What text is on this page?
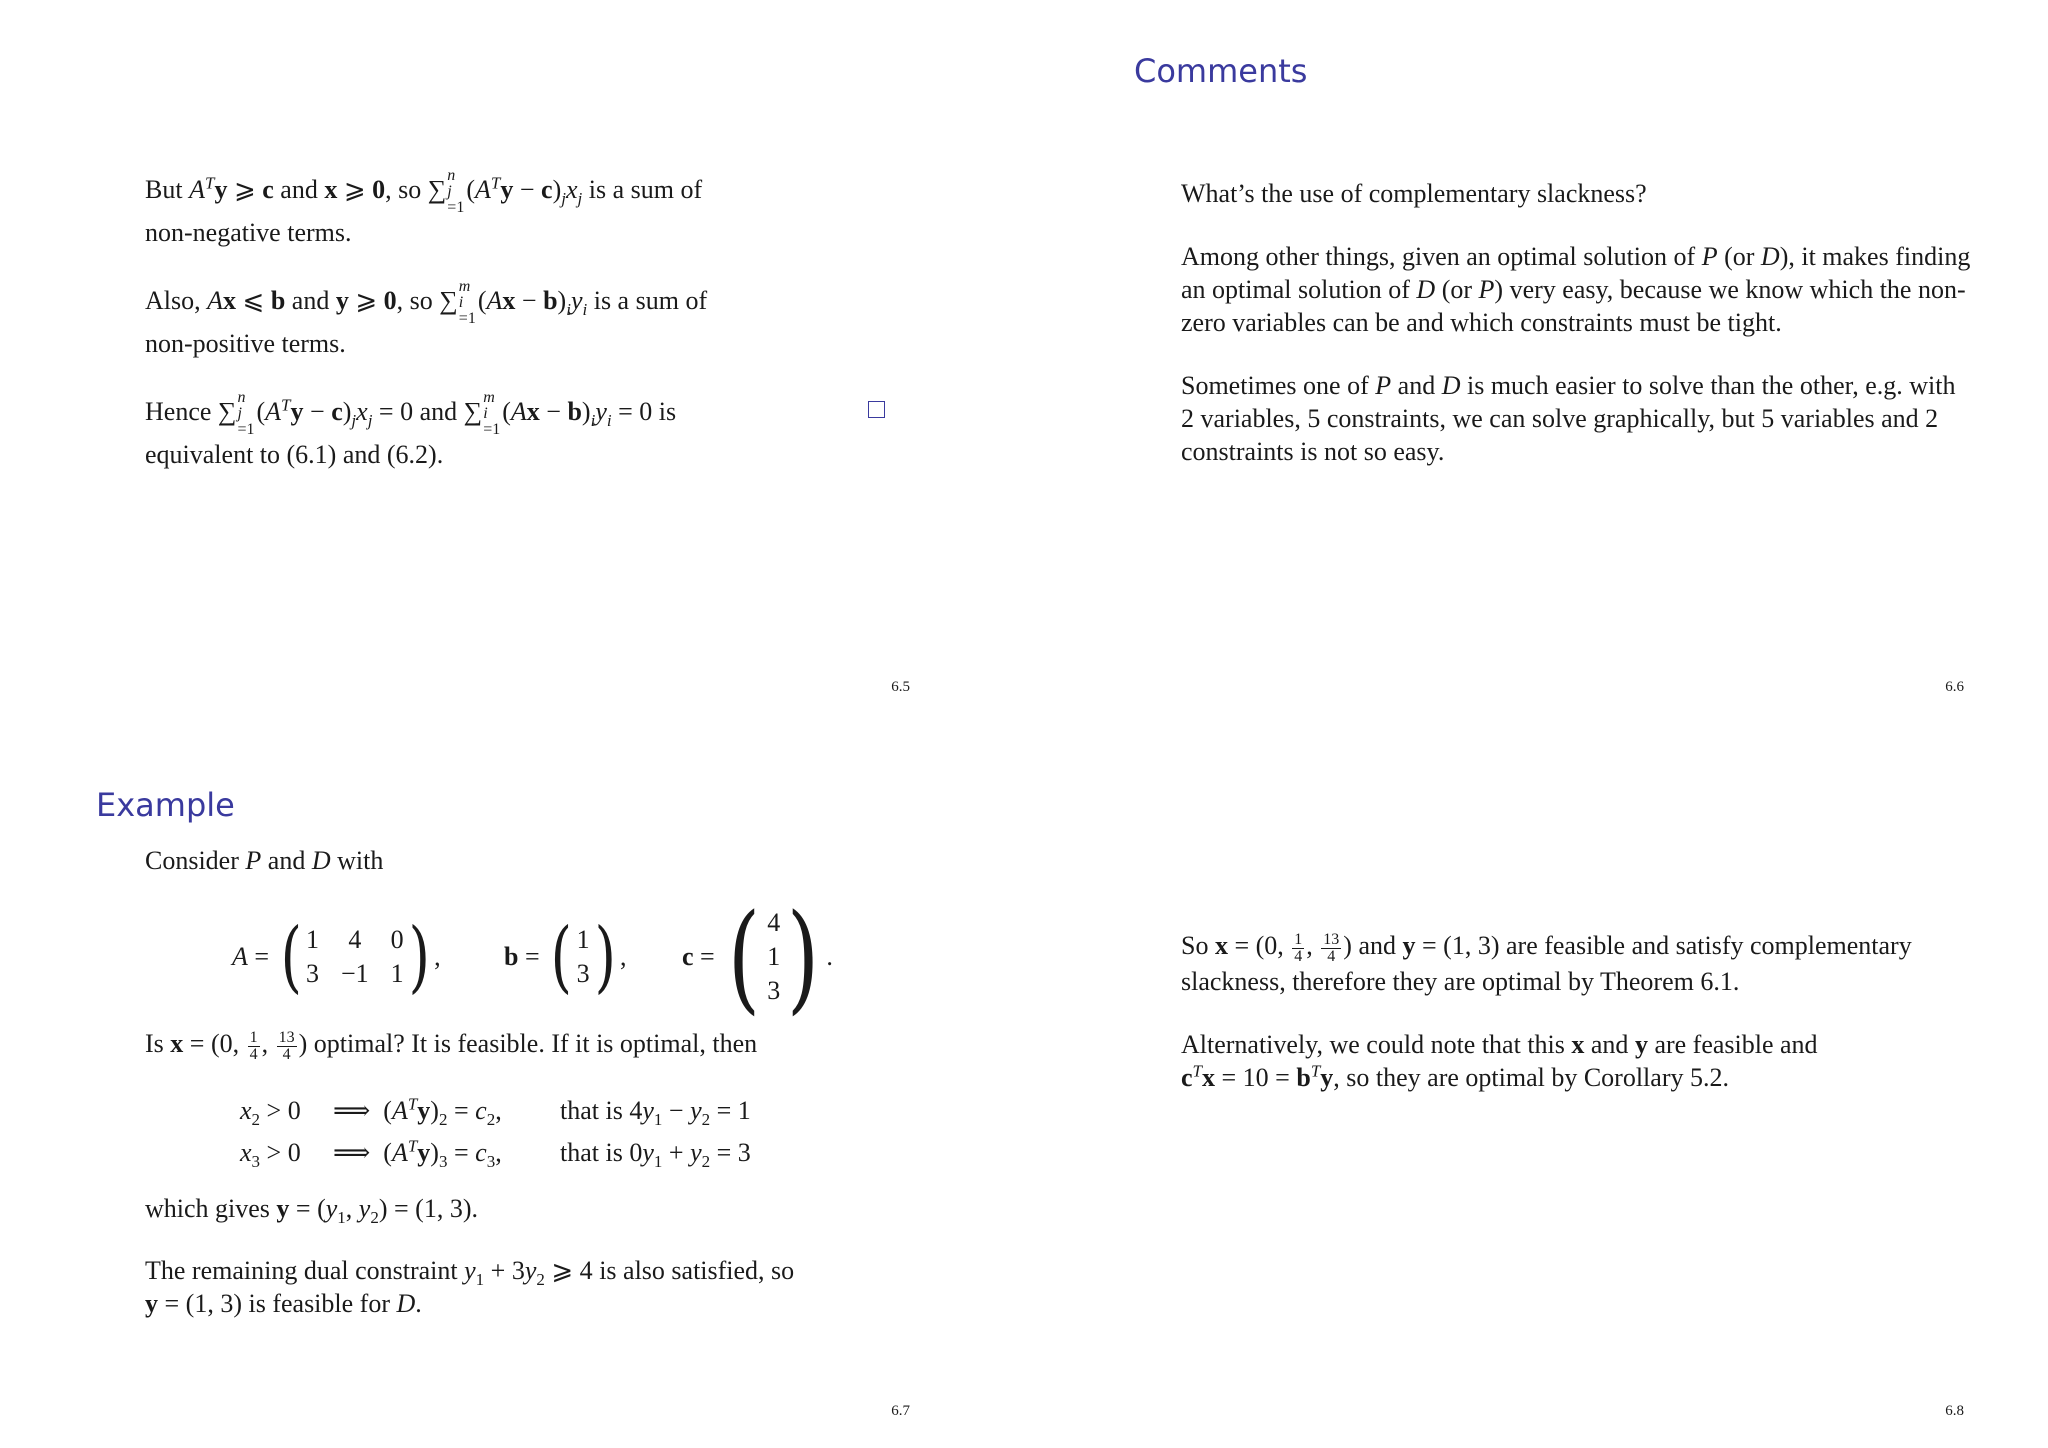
But $A^Ty$ ⩾ c and x ⩾ 0, so ∑ n
j
=1
$(A^Ty - c)_jx_j$ is a sum of
non-negative terms.

Also, Ax ⩽ b and y ⩾ 0, so ∑ m
i
=1
$(Ax - b)_iy_i$ is a sum of
non-positive terms.

Hence ∑ n
j
=1
$(A^Ty - c)_jx_j = 0$ and ∑ m
i
=1
$(Ax - b)_iy_i = 0$ is
equivalent to (6.1) and (6.2).

6.5
Comments

What’s the use of complementary slackness?

Among other things, given an optimal solution of P (or D), it makes finding an optimal solution of D (or P) very easy, because we know which the non-zero variables can be and which constraints must be tight.

Sometimes one of P and D is much easier to solve than the other, e.g. with 2 variables, 5 constraints, we can solve graphically, but 5 variables and 2 constraints is not so easy.

6.6
Example
Consider P and D with
A = ( 1 4 0
3 −1 1 ) , b = ( 1
3 ) , c = ( 4
1
3 ) .
Is x = (0, $\frac{1}{4}$ , $\frac{13}{4}$ ) optimal? It is feasible. If it is optimal, then
$x_2 > 0$ ⟹  $(A^Ty)_2 = c_2$,	that is $4y_1 - y_2 = 1$
$x_3 > 0$ ⟹  $(A^Ty)_3 = c_3$,	that is $0y_1 + y_2 = 3$
which gives $y = (y_1$, $y_2) = (1$, 3).
The remaining dual constraint $y_1 + 3y_2$ ⩾ 4 is also satisfied, so
y = (1, 3) is feasible for D.
6.7

So x = (0, $\frac{1}{4}$ , $\frac{13}{4}$ ) and y = (1, 3) are feasible and satisfy complementary slackness, therefore they are optimal by Theorem 6.1.

Alternatively, we could note that this x and y are feasible and
$c^Tx = 10 = b^Ty$, so they are optimal by Corollary 5.2.

6.8
